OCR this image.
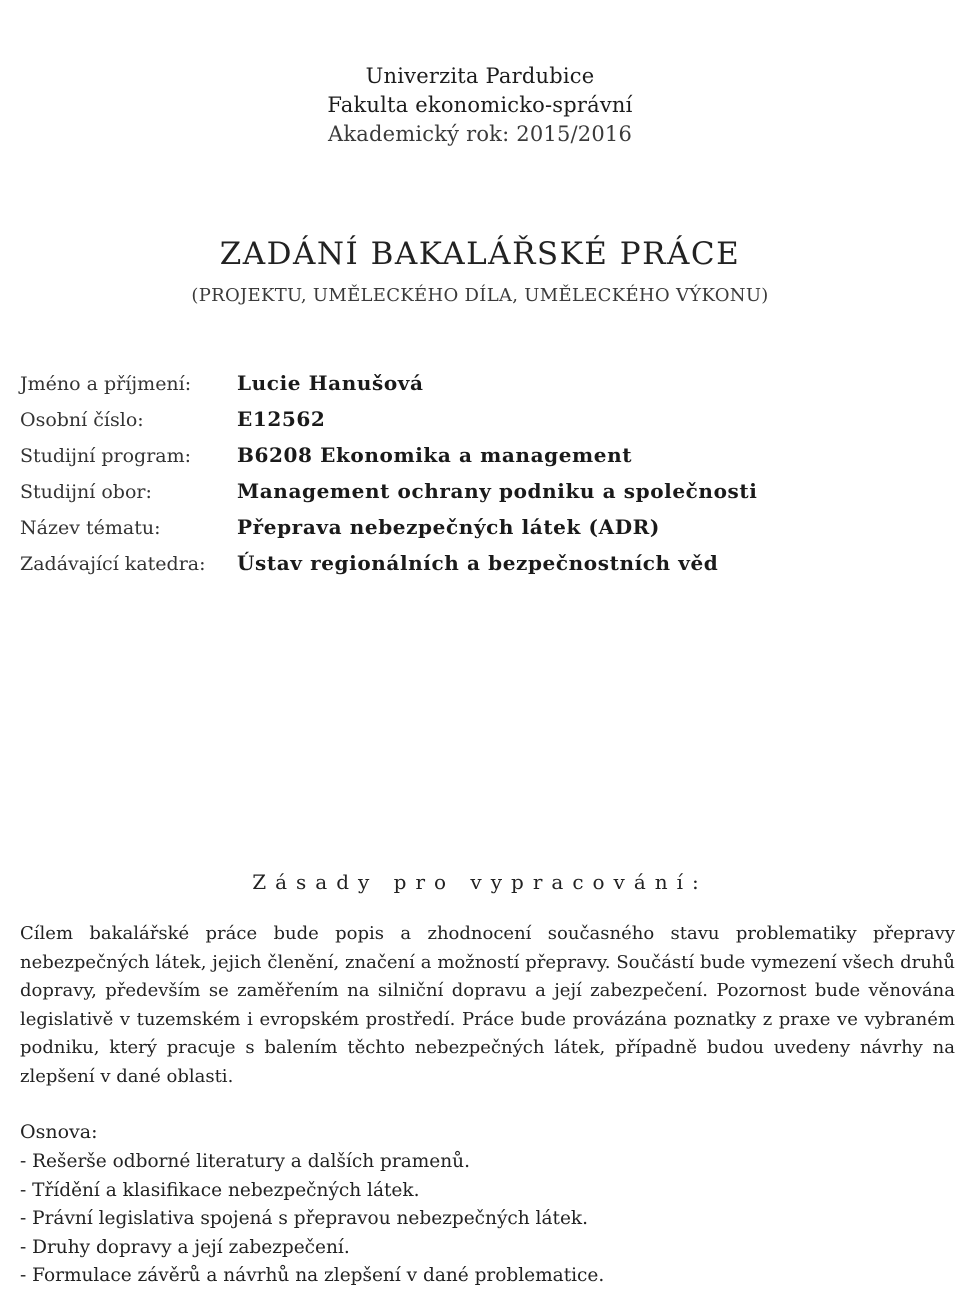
Univerzita Pardubice
Fakulta ekonomicko-správní
Akademický rok: 2015/2016
ZADÁNÍ BAKALÁŘSKÉ PRÁCE
(PROJEKTU, UMĚLECKÉHO DÍLA, UMĚLECKÉHO VÝKONU)
Jméno a příjmení:	Lucie Hanušová
Osobní číslo:	E12562
Studijní program:	B6208 Ekonomika a management
Studijní obor:	Management ochrany podniku a společnosti
Název tématu:	Přeprava nebezpečných látek (ADR)
Zadávající katedra:	Ústav regionálních a bezpečnostních věd
Zásady pro vypracování:
Cílem bakalářské práce bude popis a zhodnocení současného stavu problematiky přepravy nebezpečných látek, jejich členění, značení a možností přepravy. Součástí bude vymezení všech druhů dopravy, především se zaměřením na silniční dopravu a její zabezpečení. Pozornost bude věnována legislativě v tuzemském i evropském prostředí. Práce bude provázána poznatky z praxe ve vybraném podniku, který pracuje s balením těchto nebezpečných látek, případně budou uvedeny návrhy na zlepšení v dané oblasti.
Osnova:
- Rešerše odborné literatury a dalších pramenů.
- Třídění a klasifikace nebezpečných látek.
- Právní legislativa spojená s přepravou nebezpečných látek.
- Druhy dopravy a její zabezpečení.
- Formulace závěrů a návrhů na zlepšení v dané problematice.
